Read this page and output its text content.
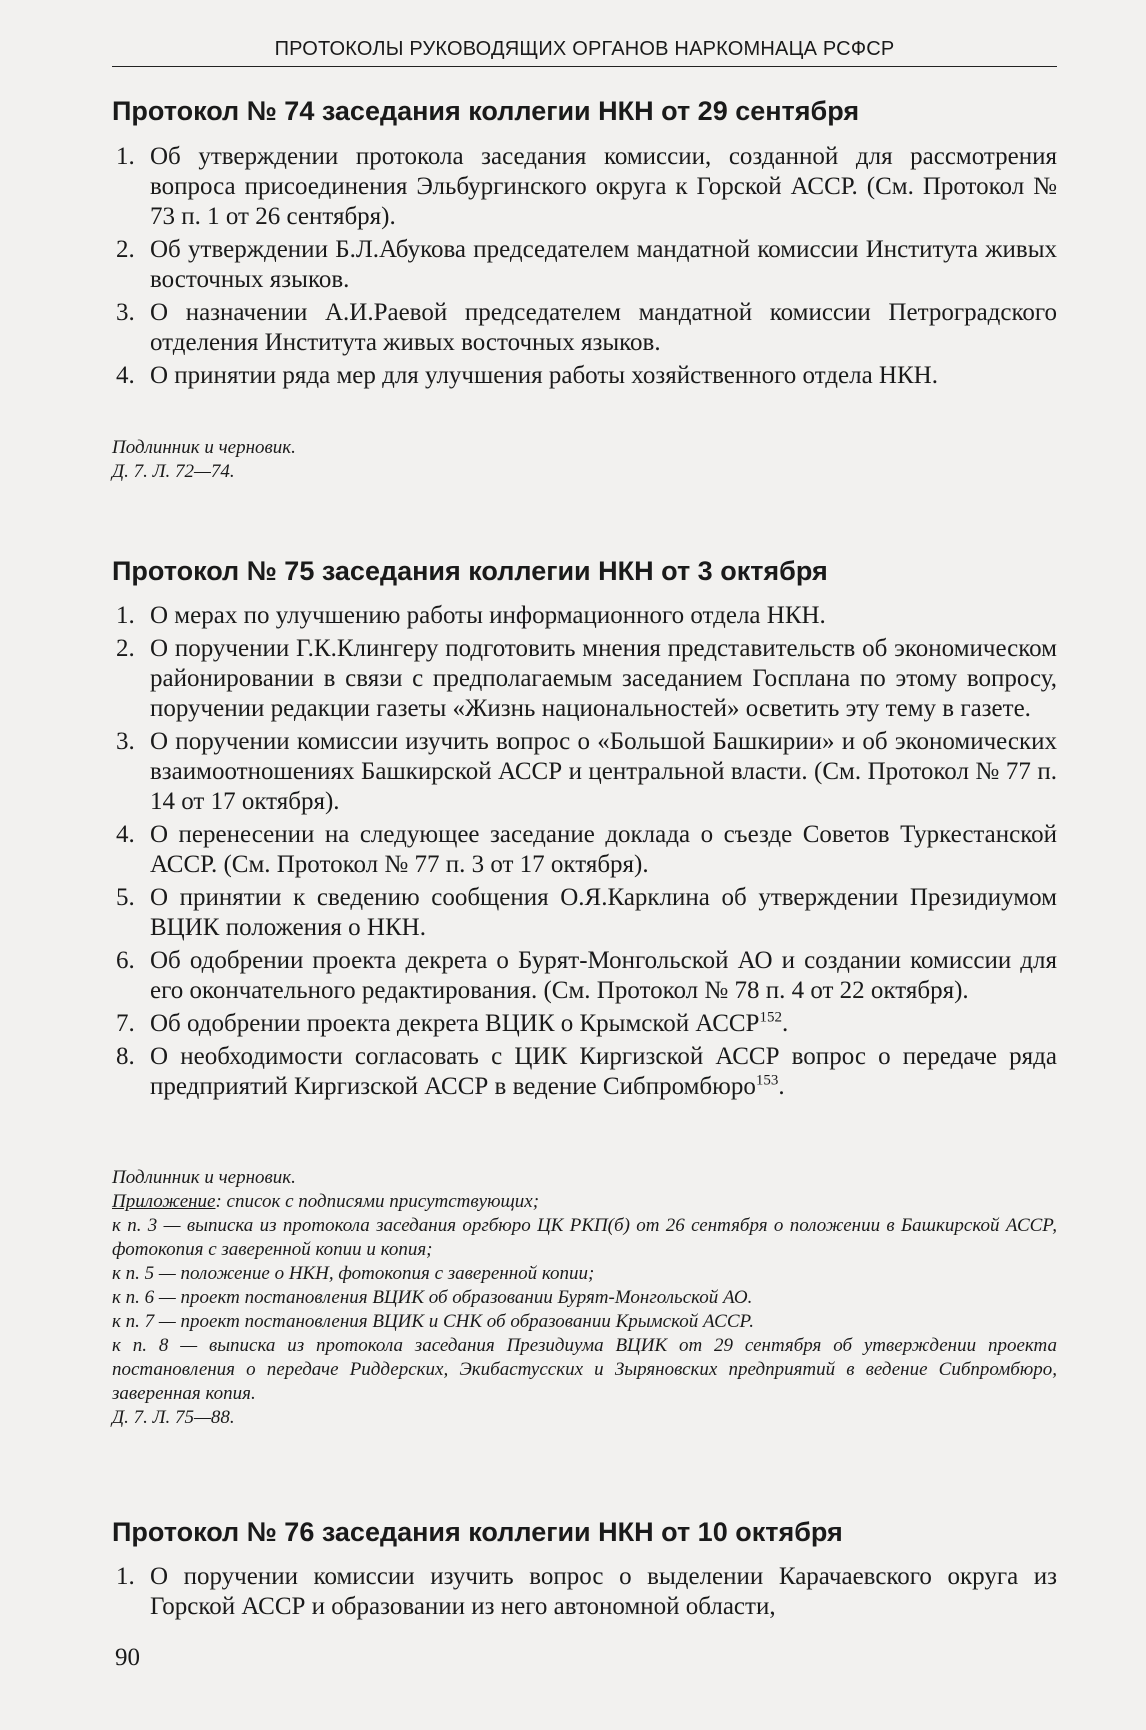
ПРОТОКОЛЫ РУКОВОДЯЩИХ ОРГАНОВ НАРКОМНАЦА РСФСР
Протокол № 74 заседания коллегии НКН от 29 сентября
1. Об утверждении протокола заседания комиссии, созданной для рассмотрения вопроса присоединения Эльбургинского округа к Горской АССР. (См. Протокол № 73 п. 1 от 26 сентября).
2. Об утверждении Б.Л.Абукова председателем мандатной комиссии Института живых восточных языков.
3. О назначении А.И.Раевой председателем мандатной комиссии Петроградского отделения Института живых восточных языков.
4. О принятии ряда мер для улучшения работы хозяйственного отдела НКН.

Подлинник и черновик.

Д. 7. Л. 72—74.

Протокол № 75 заседания коллегии НКН от 3 октября
1. О мерах по улучшению работы информационного отдела НКН.
2. О поручении Г.К.Клингеру подготовить мнения представительств об экономическом районировании в связи с предполагаемым заседанием Госплана по этому вопросу, поручении редакции газеты «Жизнь национальностей» осветить эту тему в газете.
3. О поручении комиссии изучить вопрос о «Большой Башкирии» и об экономических взаимоотношениях Башкирской АССР и центральной власти. (См. Протокол № 77 п. 14 от 17 октября).
4. О перенесении на следующее заседание доклада о съезде Советов Туркестанской АССР. (См. Протокол № 77 п. 3 от 17 октября).
5. О принятии к сведению сообщения О.Я.Карклина об утверждении Президиумом ВЦИК положения о НКН.
6. Об одобрении проекта декрета о Бурят-Монгольской АО и создании комиссии для его окончательного редактирования. (См. Протокол № 78 п. 4 от 22 октября).
7. Об одобрении проекта декрета ВЦИК о Крымской АССР$^{152}$.
8. О необходимости согласовать с ЦИК Киргизской АССР вопрос о передаче ряда предприятий Киргизской АССР в ведение Сибпромбюро$^{153}$.

Подлинник и черновик.

Приложение: список с подписями присутствующих;

к п. 3 — выписка из протокола заседания оргбюро ЦК РКП(б) от 26 сентября о положении в Башкирской АССР, фотокопия с заверенной копии и копия;

к п. 5 — положение о НКН, фотокопия с заверенной копии;

к п. 6 — проект постановления ВЦИК об образовании Бурят-Монгольской АО.

к п. 7 — проект постановления ВЦИК и СНК об образовании Крымской АССР.

к п. 8 — выписка из протокола заседания Президиума ВЦИК от 29 сентября об утверждении проекта постановления о передаче Риддерских, Экибастусских и Зыряновских предприятий в ведение Сибпромбюро, заверенная копия.

Д. 7. Л. 75—88.

Протокол № 76 заседания коллегии НКН от 10 октября
1. О поручении комиссии изучить вопрос о выделении Карачаевского округа из Горской АССР и образовании из него автономной области,
90
